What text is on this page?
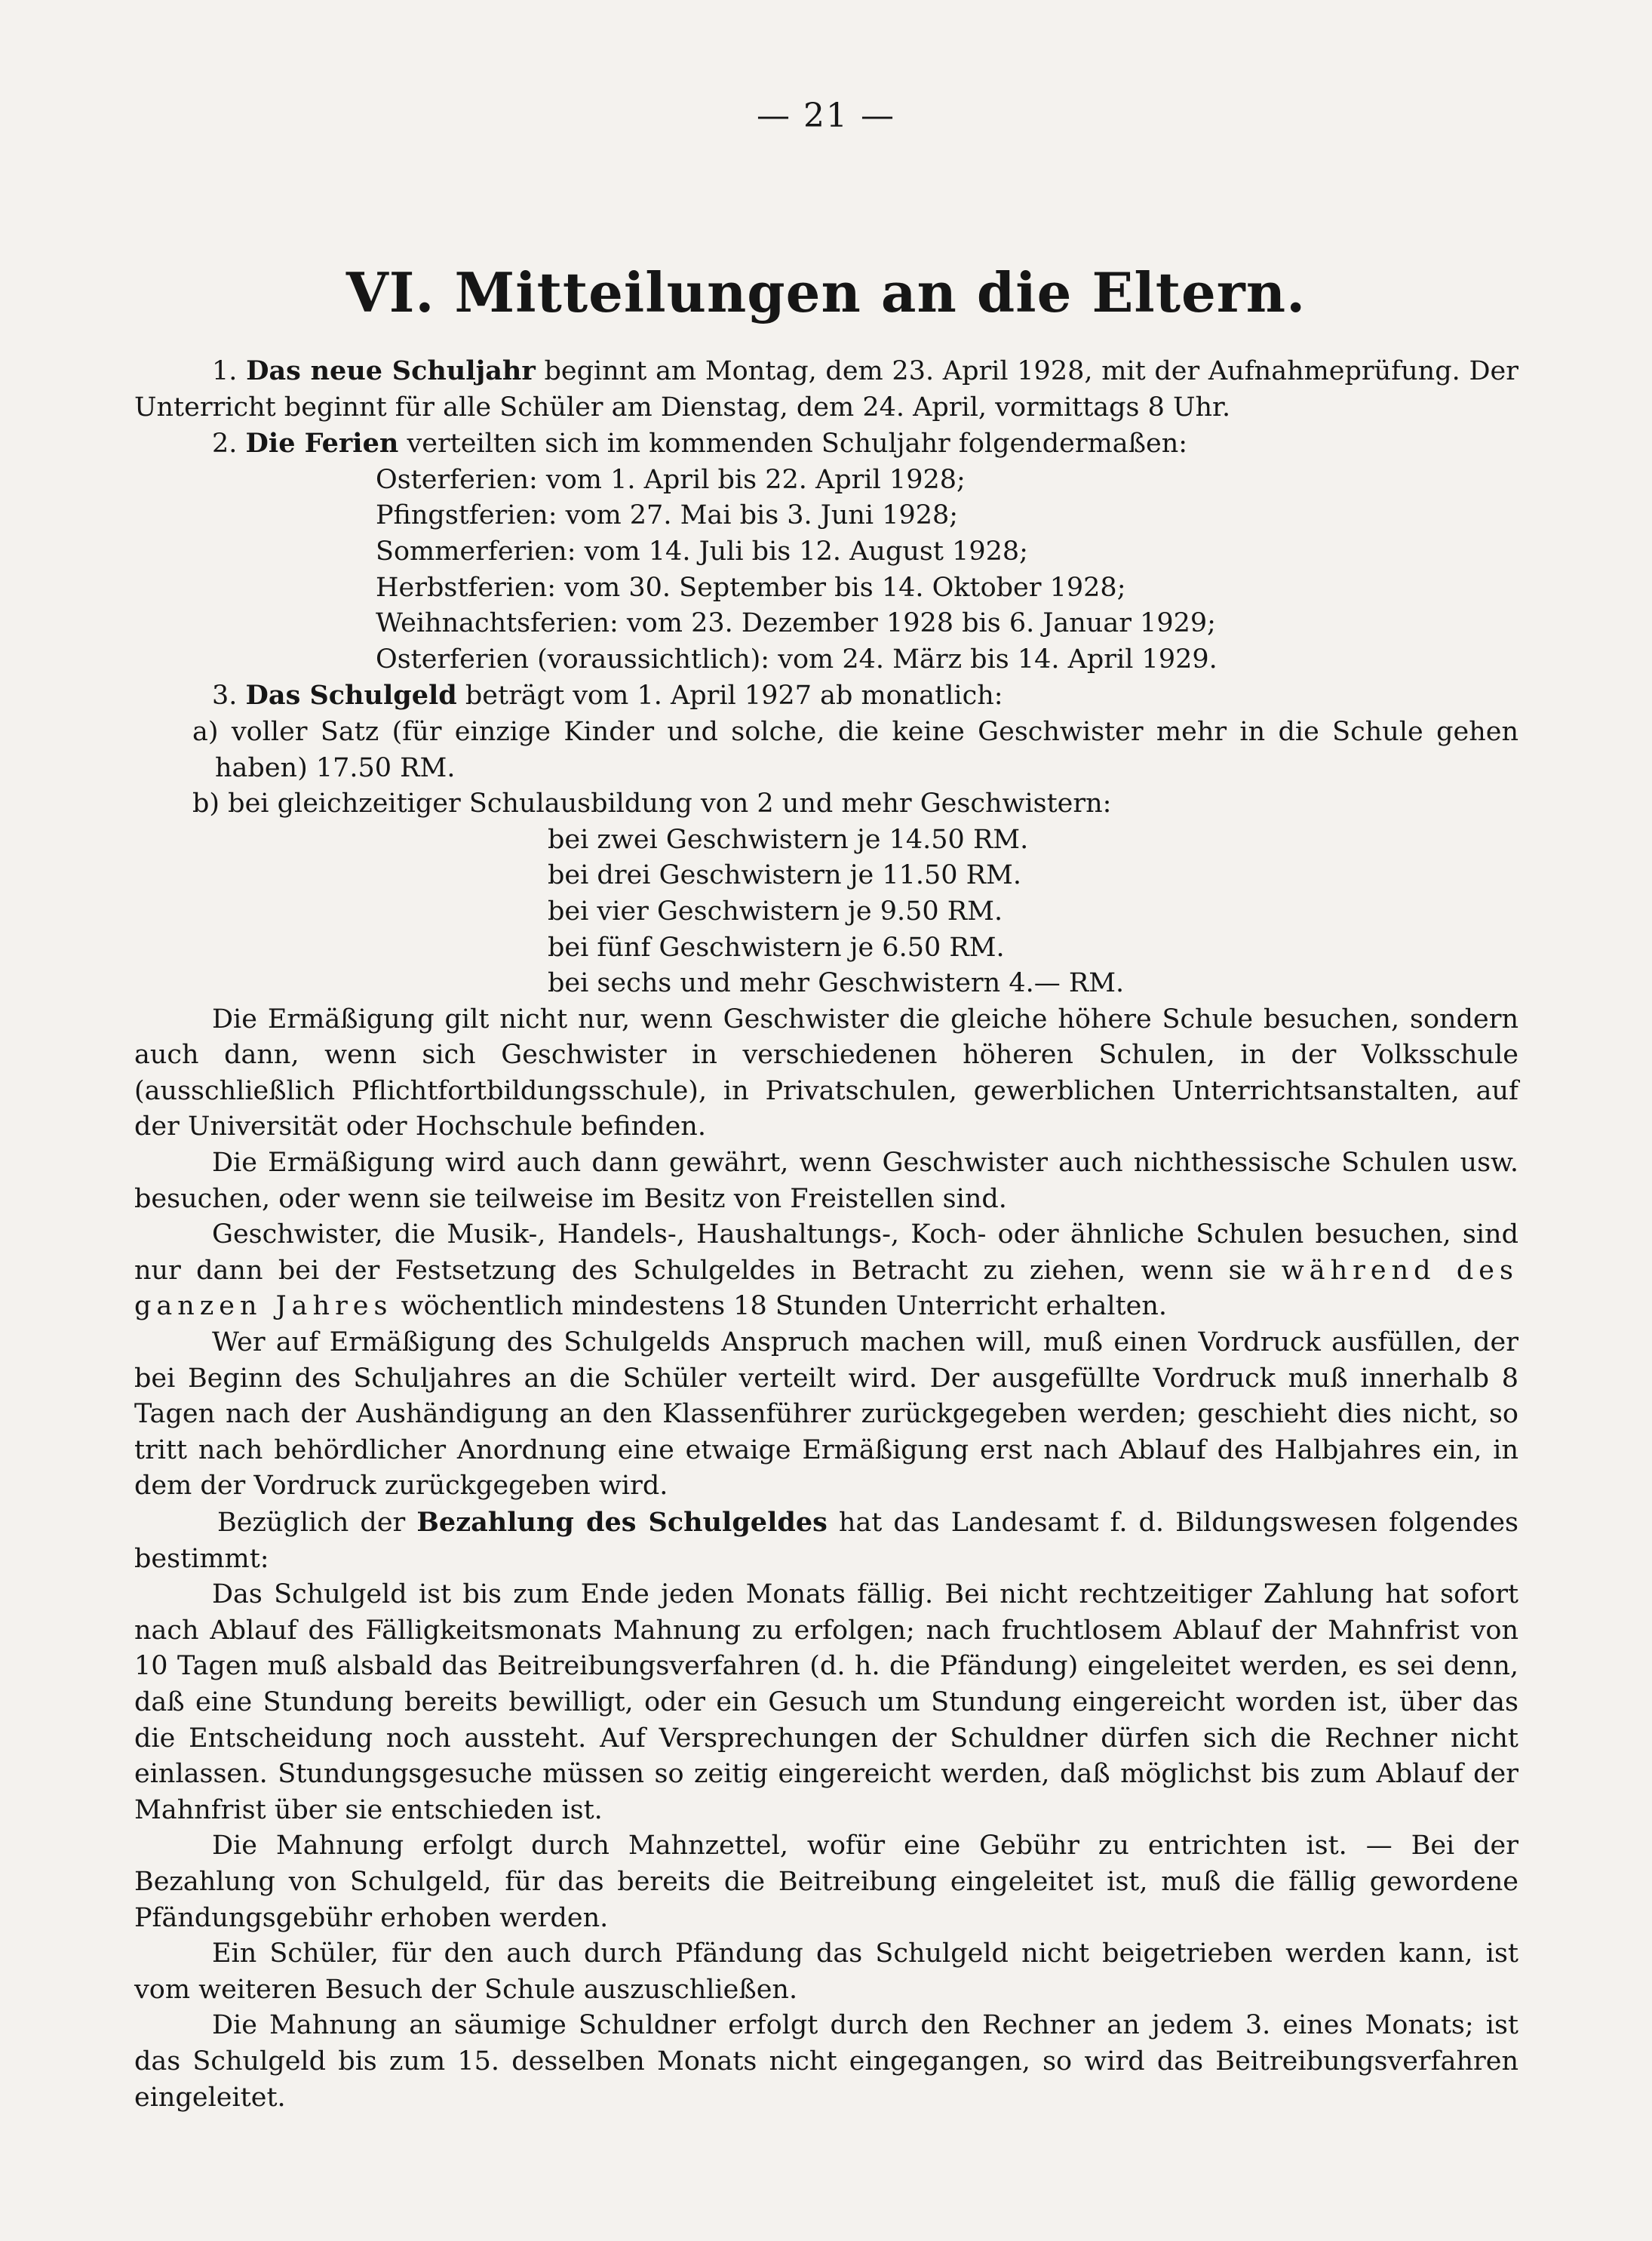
— 21 —
VI. Mitteilungen an die Eltern.

1. Das neue Schuljahr beginnt am Montag, dem 23. April 1928, mit der Aufnahmeprüfung. Der Unterricht beginnt für alle Schüler am Dienstag, dem 24. April, vormittags 8 Uhr.

2. Die Ferien verteilten sich im kommenden Schuljahr folgendermaßen:

Osterferien: vom 1. April bis 22. April 1928;
Pfingstferien: vom 27. Mai bis 3. Juni 1928;
Sommerferien: vom 14. Juli bis 12. August 1928;
Herbstferien: vom 30. September bis 14. Oktober 1928;
Weihnachtsferien: vom 23. Dezember 1928 bis 6. Januar 1929;
Osterferien (voraussichtlich): vom 24. März bis 14. April 1929.

3. Das Schulgeld beträgt vom 1. April 1927 ab monatlich:

a) voller Satz (für einzige Kinder und solche, die keine Geschwister mehr in die Schule gehen haben) 17.50 RM.
b) bei gleichzeitiger Schulausbildung von 2 und mehr Geschwistern:
bei zwei Geschwistern je 14.50 RM.
bei drei Geschwistern je 11.50 RM.
bei vier Geschwistern je 9.50 RM.
bei fünf Geschwistern je 6.50 RM.
bei sechs und mehr Geschwistern 4.— RM.

Die Ermäßigung gilt nicht nur, wenn Geschwister die gleiche höhere Schule besuchen, sondern auch dann, wenn sich Geschwister in verschiedenen höheren Schulen, in der Volksschule (ausschließlich Pflichtfortbildungsschule), in Privatschulen, gewerblichen Unterrichtsanstalten, auf der Universität oder Hochschule befinden.

Die Ermäßigung wird auch dann gewährt, wenn Geschwister auch nichthessische Schulen usw. besuchen, oder wenn sie teilweise im Besitz von Freistellen sind.

Geschwister, die Musik-, Handels-, Haushaltungs-, Koch- oder ähnliche Schulen besuchen, sind nur dann bei der Festsetzung des Schulgeldes in Betracht zu ziehen, wenn sie während des ganzen Jahres wöchentlich mindestens 18 Stunden Unterricht erhalten.

Wer auf Ermäßigung des Schulgelds Anspruch machen will, muß einen Vordruck ausfüllen, der bei Beginn des Schuljahres an die Schüler verteilt wird. Der ausgefüllte Vordruck muß innerhalb 8 Tagen nach der Aushändigung an den Klassenführer zurückgegeben werden; geschieht dies nicht, so tritt nach behördlicher Anordnung eine etwaige Ermäßigung erst nach Ablauf des Halbjahres ein, in dem der Vordruck zurückgegeben wird.

Bezüglich der Bezahlung des Schulgeldes hat das Landesamt f. d. Bildungswesen folgendes bestimmt:

Das Schulgeld ist bis zum Ende jeden Monats fällig. Bei nicht rechtzeitiger Zahlung hat sofort nach Ablauf des Fälligkeitsmonats Mahnung zu erfolgen; nach fruchtlosem Ablauf der Mahnfrist von 10 Tagen muß alsbald das Beitreibungsverfahren (d. h. die Pfändung) eingeleitet werden, es sei denn, daß eine Stundung bereits bewilligt, oder ein Gesuch um Stundung eingereicht worden ist, über das die Entscheidung noch aussteht. Auf Versprechungen der Schuldner dürfen sich die Rechner nicht einlassen. Stundungsgesuche müssen so zeitig eingereicht werden, daß möglichst bis zum Ablauf der Mahnfrist über sie entschieden ist.

Die Mahnung erfolgt durch Mahnzettel, wofür eine Gebühr zu entrichten ist. — Bei der Bezahlung von Schulgeld, für das bereits die Beitreibung eingeleitet ist, muß die fällig gewordene Pfändungsgebühr erhoben werden.

Ein Schüler, für den auch durch Pfändung das Schulgeld nicht beigetrieben werden kann, ist vom weiteren Besuch der Schule auszuschließen.

Die Mahnung an säumige Schuldner erfolgt durch den Rechner an jedem 3. eines Monats; ist das Schulgeld bis zum 15. desselben Monats nicht eingegangen, so wird das Beitreibungsverfahren eingeleitet.
